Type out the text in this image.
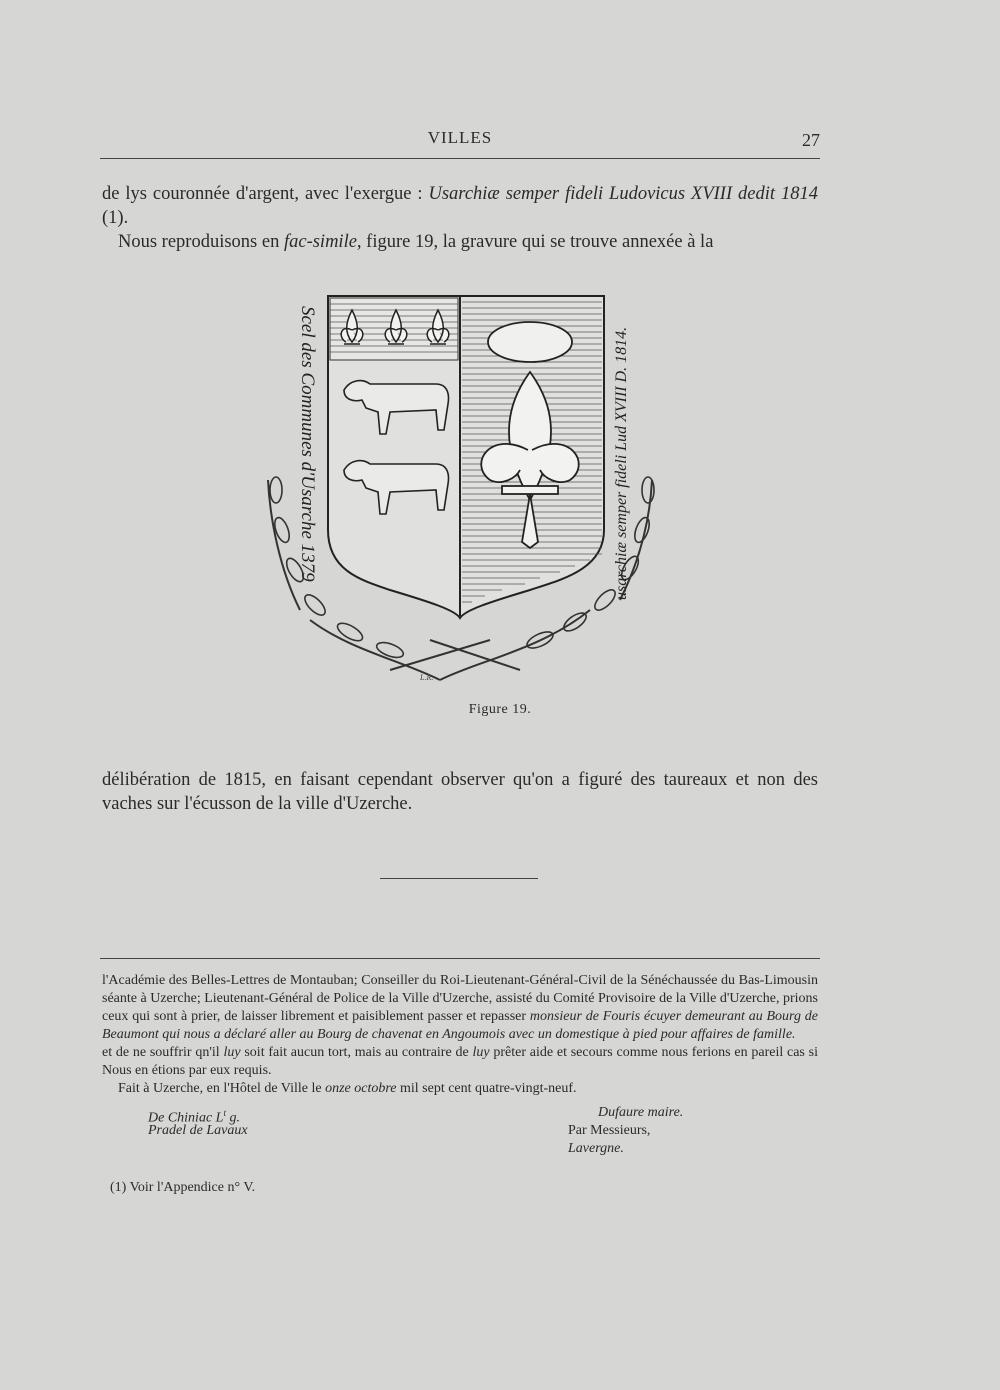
VILLES	27

de lys couronnée d'argent, avec l'exergue : Usarchiæ semper fideli Ludovicus XVIII dedit 1814 (1).

Nous reproduisons en fac-simile, figure 19, la gravure qui se trouve annexée à la

Scel des Communes d'Usarche 1379	usarchiæ semper fideli Lud XVIII D. 1814.
L.R.
Figure 19.
délibération de 1815, en faisant cependant observer qu'on a figuré des taureaux et non des vaches sur l'écusson de la ville d'Uzerche.

l'Académie des Belles-Lettres de Montauban; Conseiller du Roi-Lieutenant-Général-Civil de la Sénéchaussée du Bas-Limousin séante à Uzerche; Lieutenant-Général de Police de la Ville d'Uzerche, assisté du Comité Provisoire de la Ville d'Uzerche, prions ceux qui sont à prier, de laisser librement et paisiblement passer et repasser monsieur de Fouris écuyer demeurant au Bourg de Beaumont qui nous a déclaré aller au Bourg de chavenat en Angoumois avec un domestique à pied pour affaires de famille.

et de ne souffrir qn'il luy soit fait aucun tort, mais au contraire de luy prêter aide et secours comme nous ferions en pareil cas si Nous en étions par eux requis.

Fait à Uzerche, en l'Hôtel de Ville le onze octobre mil sept cent quatre-vingt-neuf.

De Chiniac $L^t$ g.	Dufaure maire.
Pradel de Lavaux	Par Messieurs,
Lavergne.
(1) Voir l'Appendice n° V.
